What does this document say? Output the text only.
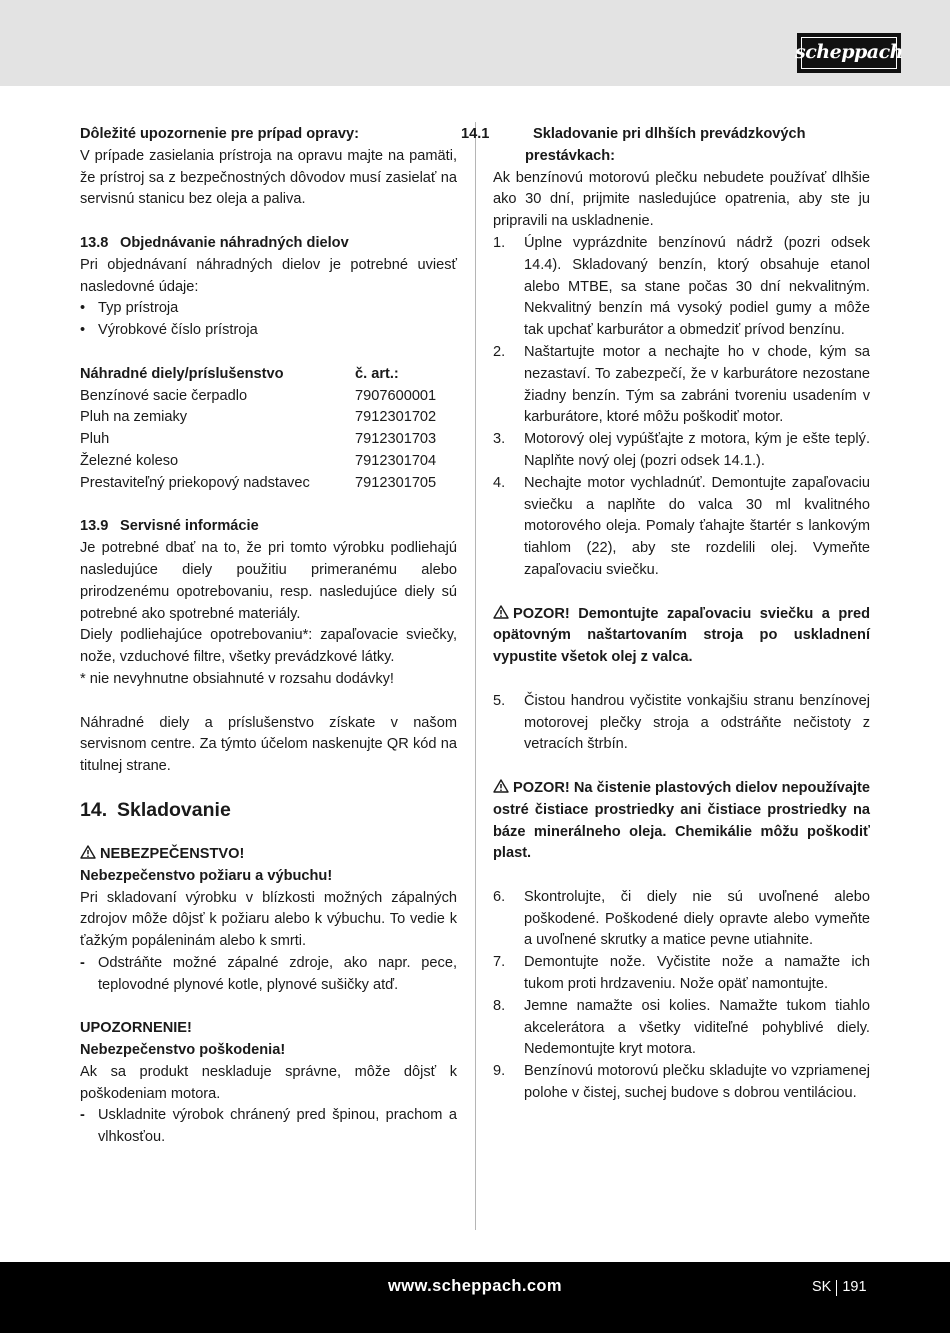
scheppach

Dôležité upozornenie pre prípad opravy:

V prípade zasielania prístroja na opravu majte na pamäti, že prístroj sa z bezpečnostných dôvodov musí zasielať na servisnú stanicu bez oleja a paliva.

13.8 Objednávanie náhradných dielov

Pri objednávaní náhradných dielov je potrebné uviesť nasledovné údaje:

• Typ prístroja
• Výrobkové číslo prístroja
Náhradné diely/príslušenstvo	č. art.:
Benzínové sacie čerpadlo	7907600001
Pluh na zemiaky	7912301702
Pluh	7912301703
Železné koleso	7912301704
Prestaviteľný priekopový nadstavec	7912301705

13.9 Servisné informácie

Je potrebné dbať na to, že pri tomto výrobku podliehajú nasledujúce diely použitiu primeranému alebo prirodzenému opotrebovaniu, resp. nasledujúce diely sú potrebné ako spotrebné materiály.

Diely podliehajúce opotrebovaniu*: zapaľovacie sviečky, nože, vzduchové filtre, všetky prevádzkové látky.

* nie nevyhnutne obsiahnuté v rozsahu dodávky!

Náhradné diely a príslušenstvo získate v našom servisnom centre. Za týmto účelom naskenujte QR kód na titulnej strane.

14. Skladovanie

NEBEZPEČENSTVO!

Nebezpečenstvo požiaru a výbuchu!

Pri skladovaní výrobku v blízkosti možných zápalných zdrojov môže dôjsť k požiaru alebo k výbuchu. To vedie k ťažkým popáleninám alebo k smrti.

- Odstráňte možné zápalné zdroje, ako napr. pece, teplovodné plynové kotle, plynové sušičky atď.

UPOZORNENIE!

Nebezpečenstvo poškodenia!

Ak sa produkt neskladuje správne, môže dôjsť k poškodeniam motora.

- Uskladnite výrobok chránený pred špinou, prachom a vlhkosťou.

14.1	Skladovanie pri dlhších prevádzkových prestávkach:

Ak benzínovú motorovú plečku nebudete používať dlhšie ako 30 dní, prijmite nasledujúce opatrenia, aby ste ju pripravili na uskladnenie.

1.	Úplne vyprázdnite benzínovú nádrž (pozri odsek 14.4). Skladovaný benzín, ktorý obsahuje etanol alebo MTBE, sa stane počas 30 dní nekvalitným. Nekvalitný benzín má vysoký podiel gumy a môže tak upchať karburátor a obmedziť prívod benzínu.
2.	Naštartujte motor a nechajte ho v chode, kým sa nezastaví. To zabezpečí, že v karburátore nezostane žiadny benzín. Tým sa zabráni tvoreniu usadením v karburátore, ktoré môžu poškodiť motor.
3.	Motorový olej vypúšťajte z motora, kým je ešte teplý. Naplňte nový olej (pozri odsek 14.1.).
4.	Nechajte motor vychladnúť. Demontujte zapaľovaciu sviečku a naplňte do valca 30 ml kvalitného motorového oleja. Pomaly ťahajte štartér s lankovým tiahlom (22), aby ste rozdelili olej. Vymeňte zapaľovaciu sviečku.

POZOR! Demontujte zapaľovaciu sviečku a pred opätovným naštartovaním stroja po uskladnení vypustite všetok olej z valca.

5.	Čistou handrou vyčistite vonkajšiu stranu benzínovej motorovej plečky stroja a odstráňte nečistoty z vetracích štrbín.

POZOR! Na čistenie plastových dielov nepoužívajte ostré čistiace prostriedky ani čistiace prostriedky na báze minerálneho oleja. Chemikálie môžu poškodiť plast.

6.	Skontrolujte, či diely nie sú uvoľnené alebo poškodené. Poškodené diely opravte alebo vymeňte a uvoľnené skrutky a matice pevne utiahnite.
7.	Demontujte nože. Vyčistite nože a namažte ich tukom proti hrdzaveniu. Nože opäť namontujte.
8.	Jemne namažte osi kolies. Namažte tukom tiahlo akcelerátora a všetky viditeľné pohyblivé diely. Nedemontujte kryt motora.
9.	Benzínovú motorovú plečku skladujte vo vzpriamenej polohe v čistej, suchej budove s dobrou ventiláciou.
www.scheppach.com	SK 191
